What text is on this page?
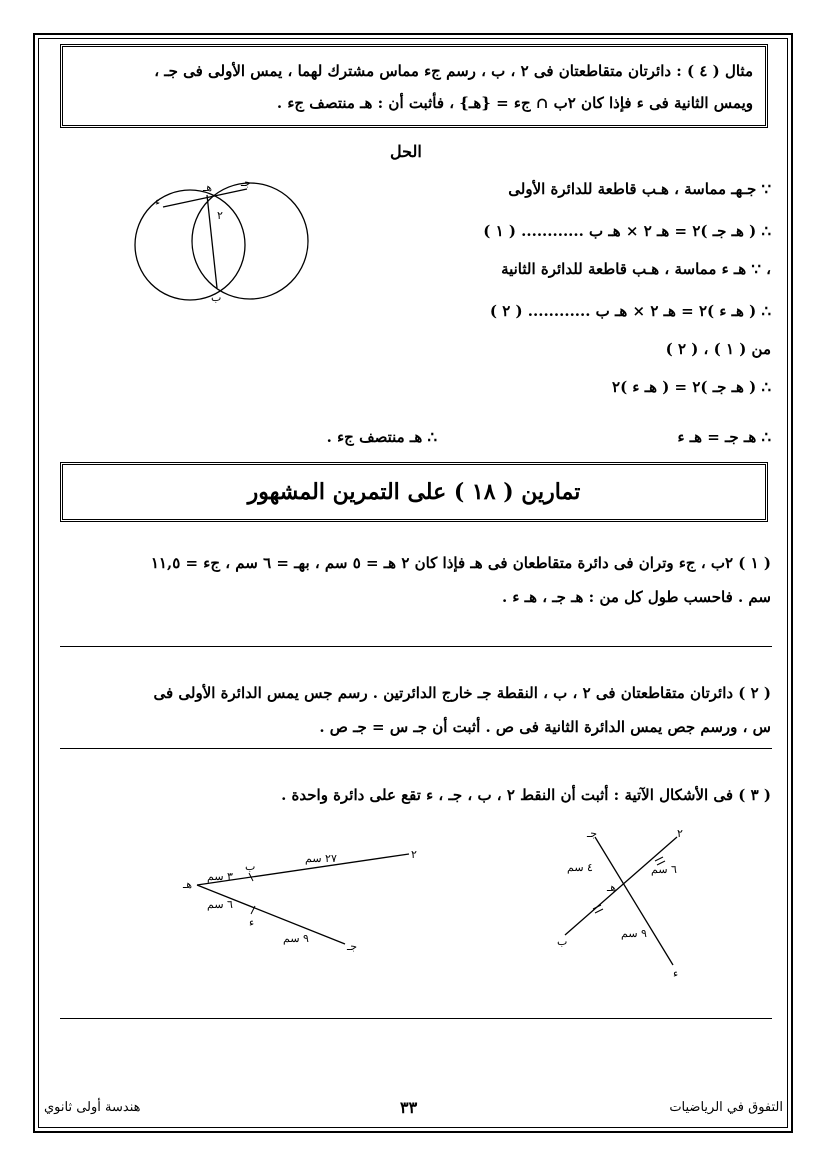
مثال ( ٤ ) : دائرتان متقاطعتان فى ٢ ، ب ، رسم جء مماس مشترك لهما ، يمس الأولى فى جـ ،
ويمس الثانية فى ء فإذا كان ٢ب ∩ جء = {هـ} ، فأثبت أن : هـ منتصف جء .
الحل
∵ جـهـ مماسة ، هـب قاطعة للدائرة الأولى
∴ ( هـ جـ )٢ = هـ ٢ × هـ ب ............ ( ١ )
، ∵ هـ ء مماسة ، هـب قاطعة للدائرة الثانية
∴ ( هـ ء )٢ = هـ ٢ × هـ ب ............ ( ٢ )
من ( ١ ) ، ( ٢ )
∴ ( هـ جـ )٢ = ( هـ ء )٢
∴ هـ جـ = هـ ء
∴ هـ منتصف جء .
جـ
هـ
ء
٢
ب
تمارين ( ١٨ ) على التمرين المشهور
( ١ ) ٢ب ، جء وتران فى دائرة متقاطعان فى هـ فإذا كان ٢ هـ = ٥ سم ، بهـ = ٦ سم ، جء = ١١,٥
سم . فاحسب طول كل من : هـ جـ ، هـ ء .
( ٢ ) دائرتان متقاطعتان فى ٢ ، ب ، النقطة جـ خارج الدائرتين . رسم جس يمس الدائرة الأولى فى
س ، ورسم جص يمس الدائرة الثانية فى ص . أثبت أن جـ س = جـ ص .
( ٣ ) فى الأشكال الآتية : أثبت أن النقط ٢ ، ب ، جـ ، ء تقع على دائرة واحدة .
٢
ب
هـ
ء
جـ
٢٧ سم
٣ سم
٦ سم
٩ سم
جـ	٢
هـ
ب
ء
٤ سم	٦ سم
٩ سم
هندسة أولى ثانوي	٣٣	التفوق في الرياضيات
